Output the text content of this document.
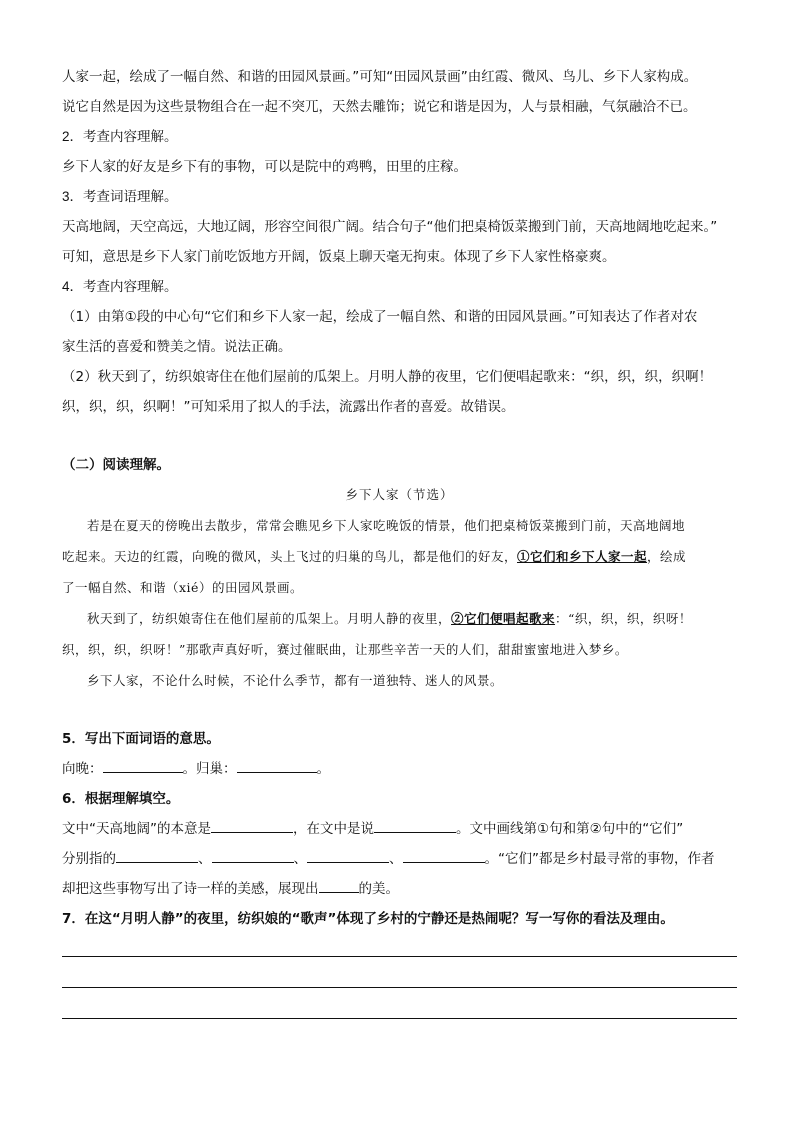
人家一起，绘成了一幅自然、和谐的田园风景画。”可知“田园风景画”由红霞、微风、鸟儿、乡下人家构成。
说它自然是因为这些景物组合在一起不突兀，天然去雕饰；说它和谐是因为，人与景相融，气氛融洽不已。
2．考查内容理解。
乡下人家的好友是乡下有的事物，可以是院中的鸡鸭，田里的庄稼。
3．考查词语理解。
天高地阔，天空高远，大地辽阔，形容空间很广阔。结合句子“他们把桌椅饭菜搬到门前，天高地阔地吃起来。”
可知，意思是乡下人家门前吃饭地方开阔，饭桌上聊天毫无拘束。体现了乡下人家性格豪爽。
4．考查内容理解。
（1）由第①段的中心句“它们和乡下人家一起，绘成了一幅自然、和谐的田园风景画。”可知表达了作者对农
家生活的喜爱和赞美之情。说法正确。
（2）秋天到了，纺织娘寄住在他们屋前的瓜架上。月明人静的夜里，它们便唱起歌来：“织，织，织，织啊！
织，织，织，织啊！”可知采用了拟人的手法，流露出作者的喜爱。故错误。
（二）阅读理解。
乡下人家（节选）
若是在夏天的傍晚出去散步，常常会瞧见乡下人家吃晚饭的情景，他们把桌椅饭菜搬到门前，天高地阔地
吃起来。天边的红霞，向晚的微风，头上飞过的归巢的鸟儿，都是他们的好友，①它们和乡下人家一起，绘成
了一幅自然、和谐（xié）的田园风景画。
秋天到了，纺织娘寄住在他们屋前的瓜架上。月明人静的夜里，②它们便唱起歌来：“织，织，织，织呀！
织，织，织，织呀！”那歌声真好听，赛过催眠曲，让那些辛苦一天的人们，甜甜蜜蜜地进入梦乡。
乡下人家，不论什么时候，不论什么季节，都有一道独特、迷人的风景。
5．写出下面词语的意思。
向晚：	。归巢：	。
6．根据理解填空。
文中“天高地阔”的本意是	，在文中是说	。文中画线第①句和第②句中的“它们”
分别指的	、	、	、	。“它们”都是乡村最寻常的事物，作者
却把这些事物写出了诗一样的美感，展现出	的美。
7．在这“月明人静”的夜里，纺织娘的“歌声”体现了乡村的宁静还是热闹呢？写一写你的看法及理由。
